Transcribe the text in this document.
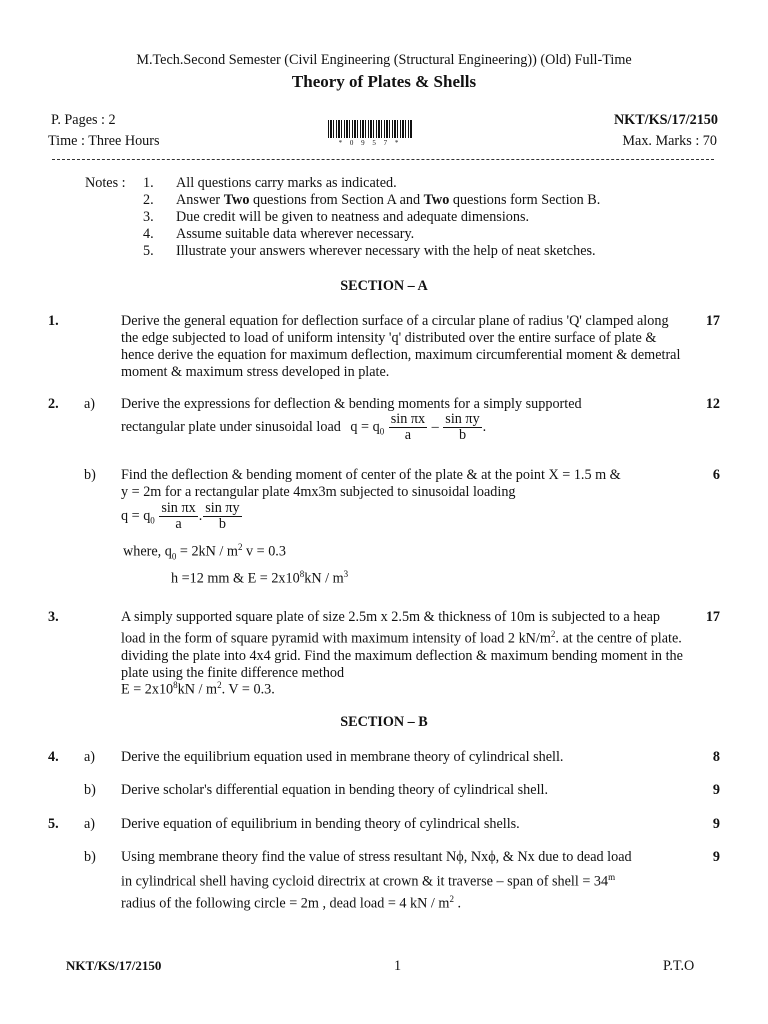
M.Tech.Second Semester (Civil Engineering (Structural Engineering)) (Old) Full-Time
Theory of Plates & Shells
P. Pages : 2	NKT/KS/17/2150
Time : Three Hours	Max. Marks : 70
* 0 9 5 7 *
Notes : 1. All questions carry marks as indicated.
2. Answer Two questions from Section A and Two questions form Section B.
3. Due credit will be given to neatness and adequate dimensions.
4. Assume suitable data wherever necessary.
5. Illustrate your answers wherever necessary with the help of neat sketches.
SECTION – A
1.	Derive the general equation for deflection surface of a circular plane of radius 'Q' clamped along the edge subjected to load of uniform intensity 'q' distributed over the entire surface of plate & hence derive the equation for maximum deflection, maximum circumferential moment & demetral moment & maximum stress developed in plate.
17
2. a) Derive the expressions for deflection & bending moments for a simply supported	12
rectangular plate under sinusoidal load $q = q_0 \frac{\text{sin πx}}{a} - \frac{\text{sin πy}}{b}$ .
b) Find the deflection & bending moment of center of the plate & at the point X = 1.5 m &	6
y = 2m for a rectangular plate 4mx3m subjected to sinusoidal loading
$q = q_0 \frac{\text{sin πx}}{a}$ . $\frac{\text{sin πy}}{b}$
where, $q_0 = 2kN / m^2$ v = 0.3
h =12 mm & $E = 2x10^8kN / m^3$
3.	A simply supported square plate of size 2.5m x 2.5m & thickness of 10m is subjected to a heap load in the form of square pyramid with maximum intensity of load 2 $kN/m^2$. at the centre of plate. dividing the plate into 4x4 grid. Find the maximum deflection & maximum bending moment in the plate using the finite difference method
17
$E = 2x10^8kN / m^2$. V = 0.3.
SECTION – B
4. a) Derive the equilibrium equation used in membrane theory of cylindrical shell.	8
b) Derive scholar's differential equation in bending theory of cylindrical shell.	9
5. a) Derive equation of equilibrium in bending theory of cylindrical shells.	9
b) Using membrane theory find the value of stress resultant Nϕ, Nxϕ, & Nx due to dead load	9
in cylindrical shell having cycloid directrix at crown & it traverse – span of shell = $34^m$
radius of the following circle = 2m , dead load = 4 kN / $m^2$ .
NKT/KS/17/2150	1	P.T.O
